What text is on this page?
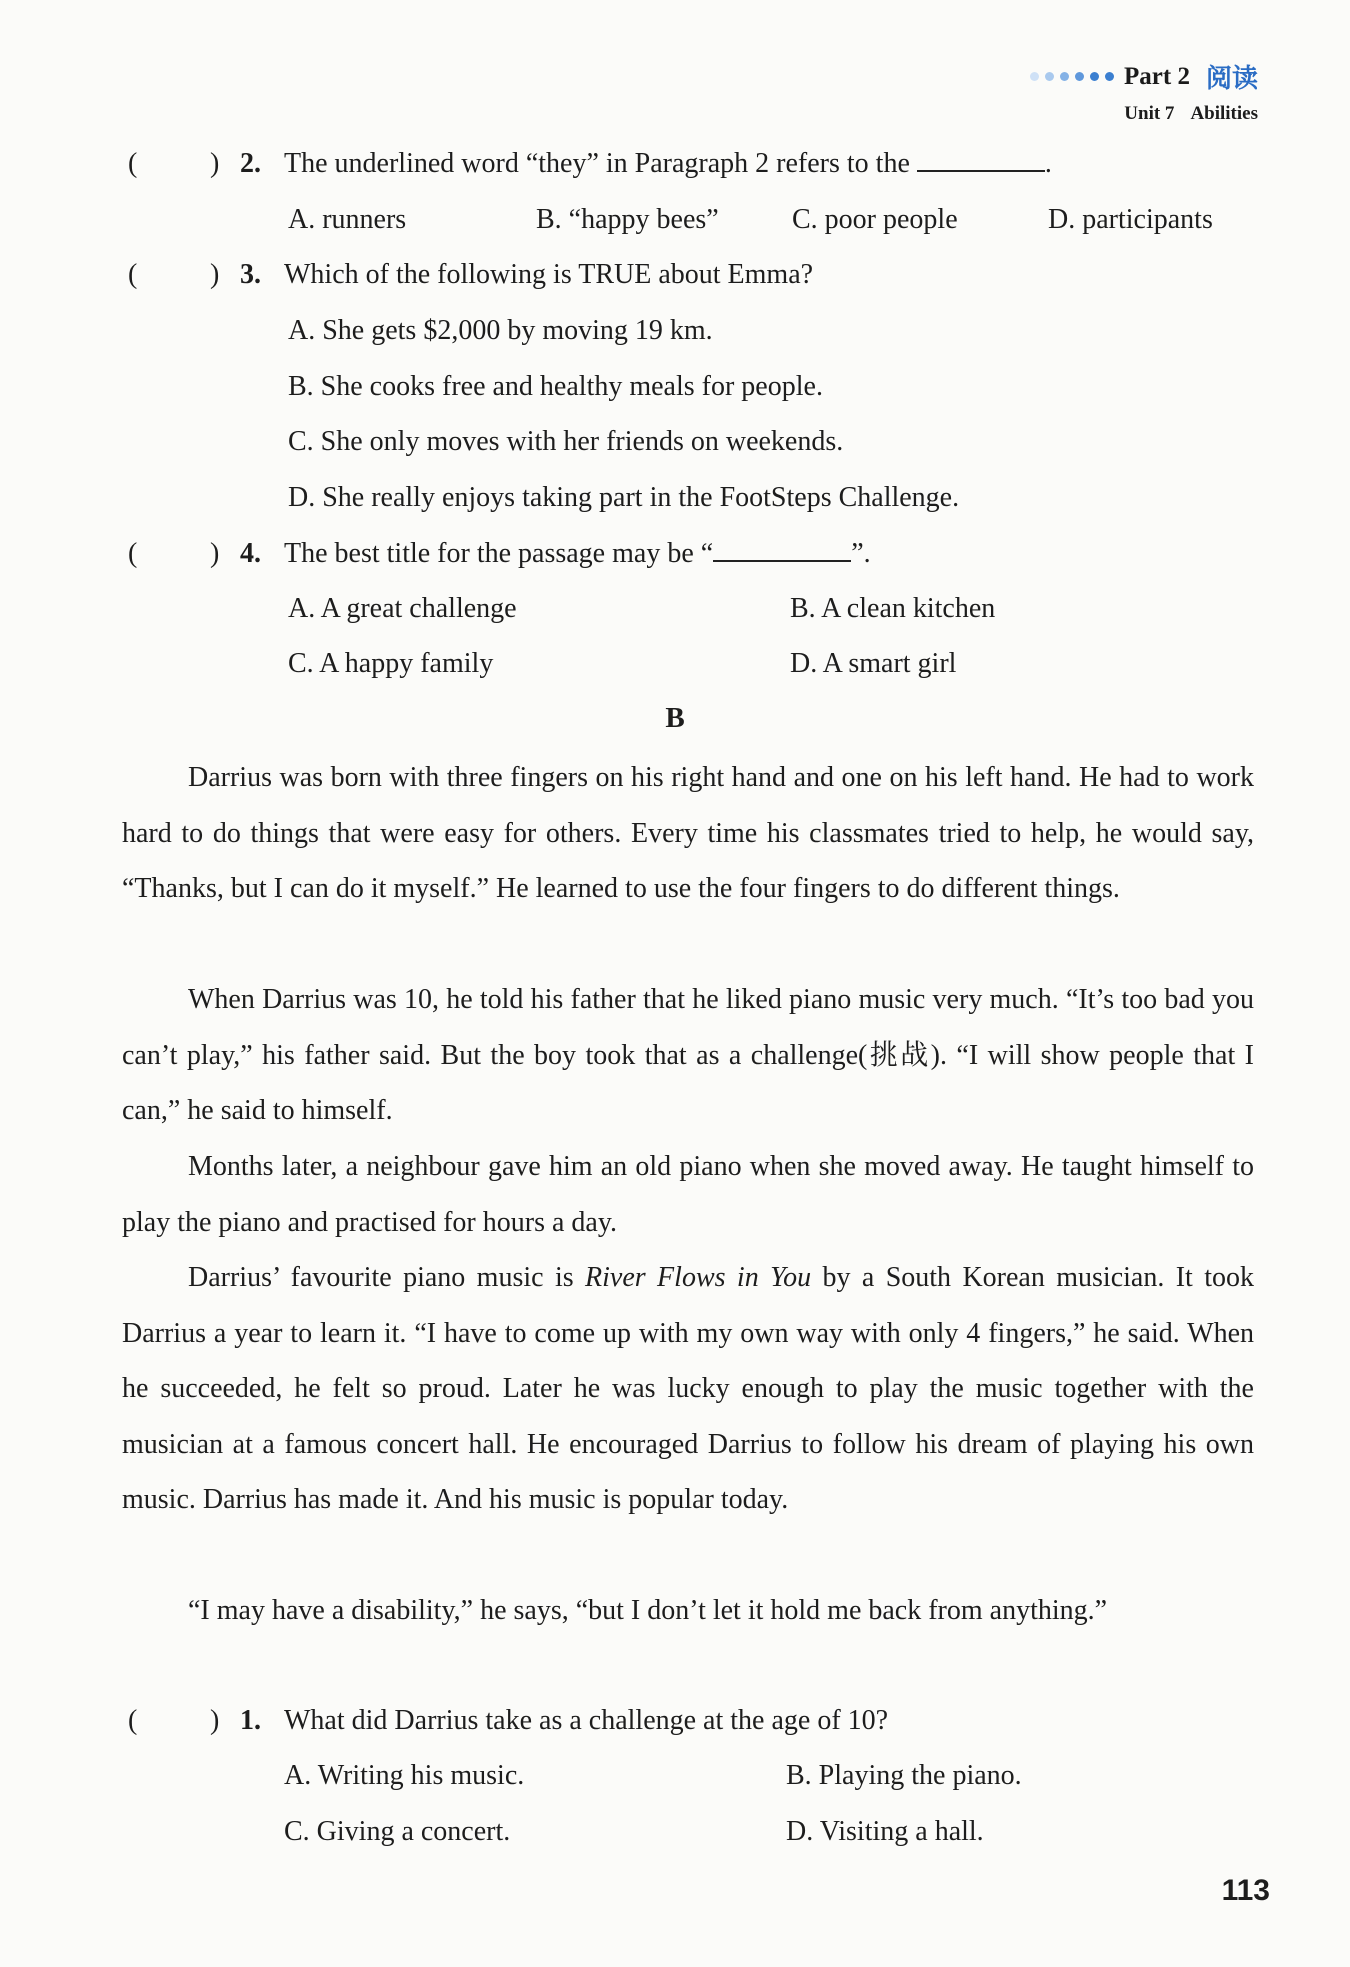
Part 2 阅读
Unit 7 Abilities
(	) 2. The underlined word “they” in Paragraph 2 refers to the	.
A. runners	B. “happy bees”	C. poor people	D. participants
(	) 3. Which of the following is TRUE about Emma?
A. She gets $2,000 by moving 19 km.
B. She cooks free and healthy meals for people.
C. She only moves with her friends on weekends.
D. She really enjoys taking part in the FootSteps Challenge.
(	) 4. The best title for the passage may be “	”.
A. A great challenge	B. A clean kitchen
C. A happy family	D. A smart girl
B
Darrius was born with three fingers on his right hand and one on his left hand. He had to work hard to do things that were easy for others. Every time his classmates tried to help, he would say, “Thanks, but I can do it myself.” He learned to use the four fingers to do different things.
When Darrius was 10, he told his father that he liked piano music very much. “It’s too bad you can’t play,” his father said. But the boy took that as a challenge(挑战). “I will show people that I can,” he said to himself.
Months later, a neighbour gave him an old piano when she moved away. He taught himself to play the piano and practised for hours a day.
Darrius’ favourite piano music is River Flows in You by a South Korean musician. It took Darrius a year to learn it. “I have to come up with my own way with only 4 fingers,” he said. When he succeeded, he felt so proud. Later he was lucky enough to play the music together with the musician at a famous concert hall. He encouraged Darrius to follow his dream of playing his own music. Darrius has made it. And his music is popular today.
“I may have a disability,” he says, “but I don’t let it hold me back from anything.”
(	) 1. What did Darrius take as a challenge at the age of 10?
A. Writing his music.	B. Playing the piano.
C. Giving a concert.	D. Visiting a hall.
113
